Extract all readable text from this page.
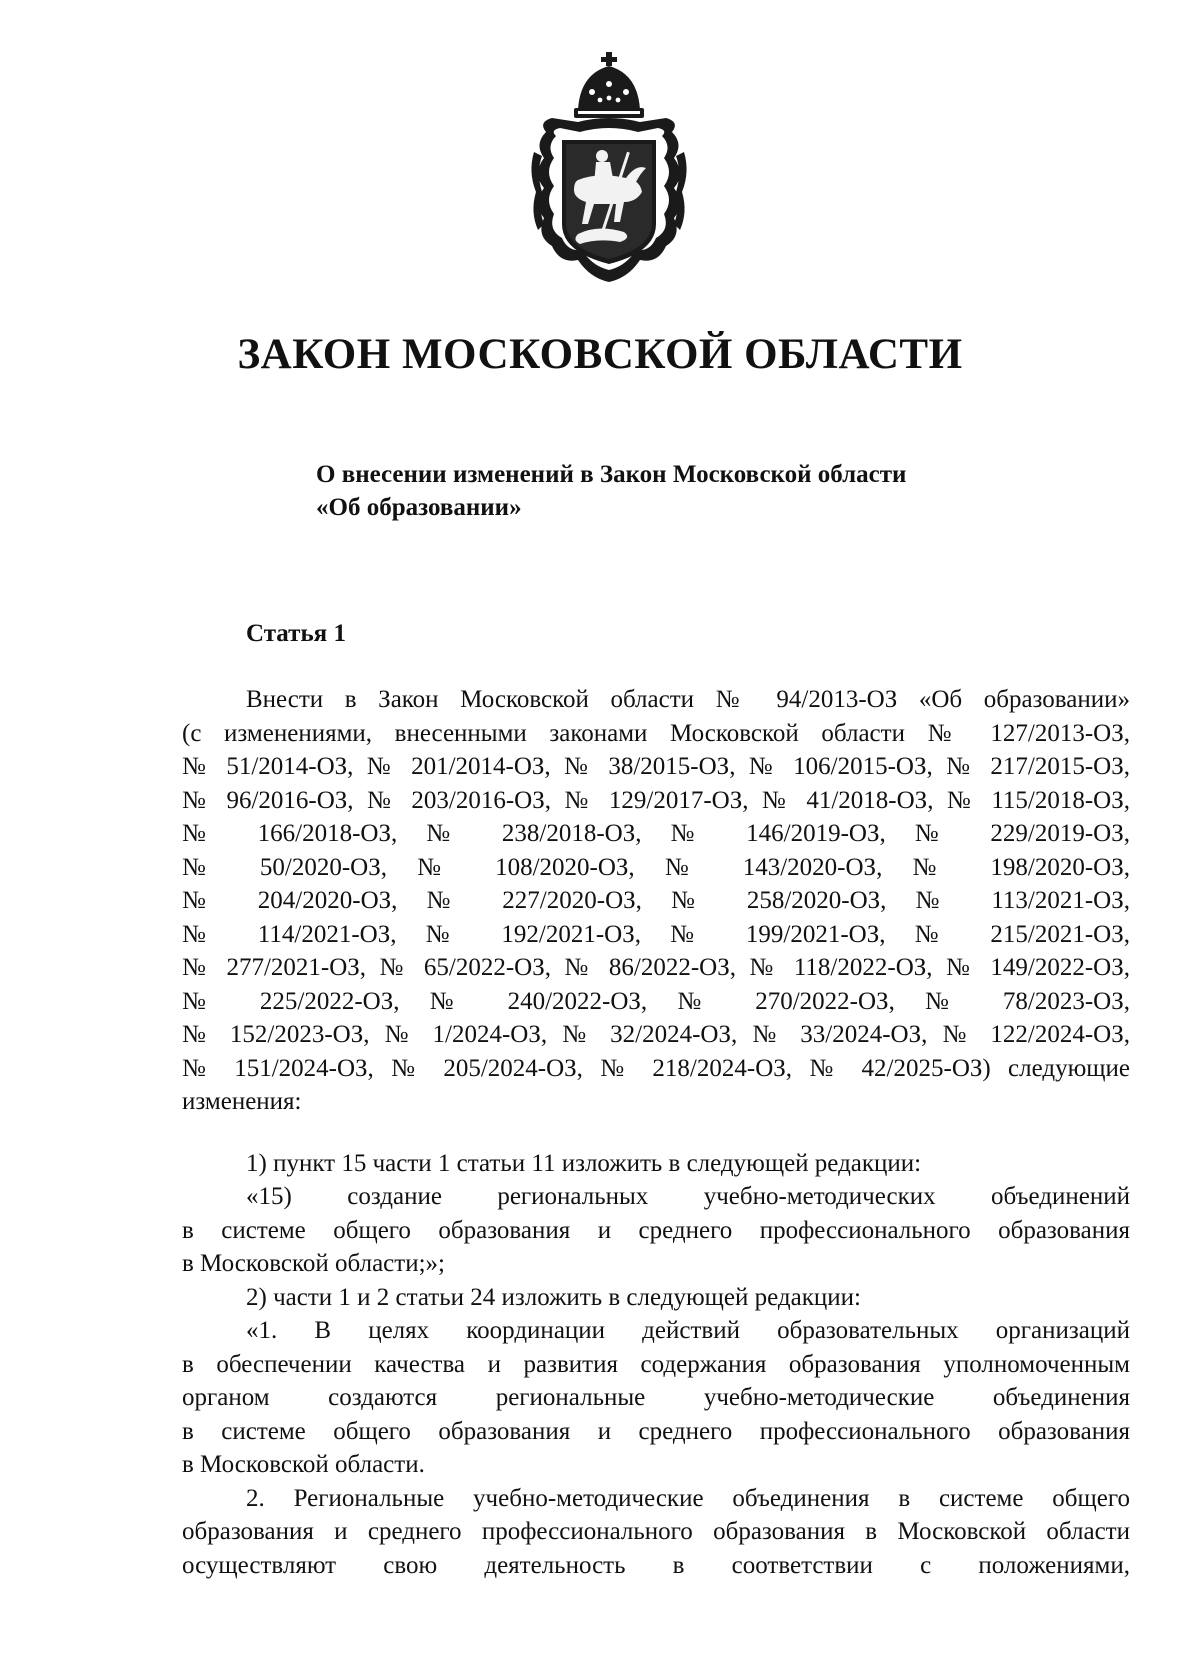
ЗАКОН МОСКОВСКОЙ ОБЛАСТИ
О внесении изменений в Закон Московской области
«Об образовании»
Статья 1

Внести в Закон Московской области № 94/2013-ОЗ «Об образовании»

(с изменениями, внесенными законами Московской области № 127/2013-ОЗ,

№ 51/2014-ОЗ, № 201/2014-ОЗ, № 38/2015-ОЗ, № 106/2015-ОЗ, № 217/2015-ОЗ,

№ 96/2016-ОЗ, № 203/2016-ОЗ, № 129/2017-ОЗ, № 41/2018-ОЗ, № 115/2018-ОЗ,

№ 166/2018-ОЗ, № 238/2018-ОЗ, № 146/2019-ОЗ, № 229/2019-ОЗ,

№ 50/2020-ОЗ, № 108/2020-ОЗ, № 143/2020-ОЗ, № 198/2020-ОЗ,

№ 204/2020-ОЗ, № 227/2020-ОЗ, № 258/2020-ОЗ, № 113/2021-ОЗ,

№ 114/2021-ОЗ, № 192/2021-ОЗ, № 199/2021-ОЗ, № 215/2021-ОЗ,

№ 277/2021-ОЗ, № 65/2022-ОЗ, № 86/2022-ОЗ, № 118/2022-ОЗ, № 149/2022-ОЗ,

№ 225/2022-ОЗ, № 240/2022-ОЗ, № 270/2022-ОЗ, № 78/2023-ОЗ,

№ 152/2023-ОЗ, № 1/2024-ОЗ, № 32/2024-ОЗ, № 33/2024-ОЗ, № 122/2024-ОЗ,

№ 151/2024-ОЗ, № 205/2024-ОЗ, № 218/2024-ОЗ, № 42/2025-ОЗ) следующие

изменения:

1) пункт 15 части 1 статьи 11 изложить в следующей редакции:

«15) создание региональных учебно-методических объединений

в системе общего образования и среднего профессионального образования

в Московской области;»;

2) части 1 и 2 статьи 24 изложить в следующей редакции:

«1. В целях координации действий образовательных организаций

в обеспечении качества и развития содержания образования уполномоченным

органом создаются региональные учебно-методические объединения

в системе общего образования и среднего профессионального образования

в Московской области.

2. Региональные учебно-методические объединения в системе общего

образования и среднего профессионального образования в Московской области

осуществляют свою деятельность в соответствии с положениями,
